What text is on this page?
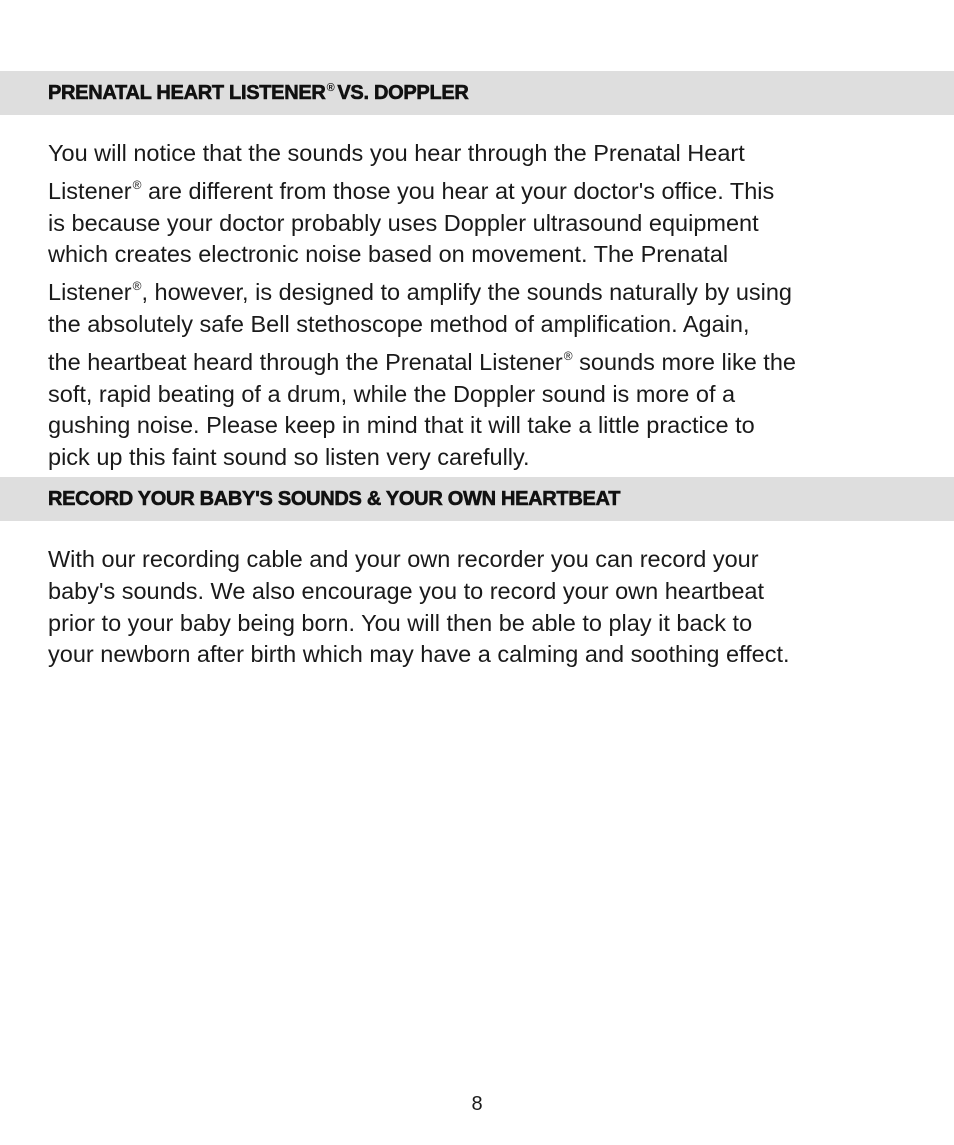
PRENATAL HEART LISTENER® VS. DOPPLER
You will notice that the sounds you hear through the Prenatal Heart
Listener® are different from those you hear at your doctor's office. This
is because your doctor probably uses Doppler ultrasound equipment
which creates electronic noise based on movement. The Prenatal
Listener®, however, is designed to amplify the sounds naturally by using
the absolutely safe Bell stethoscope method of amplification. Again,
the heartbeat heard through the Prenatal Listener® sounds more like the
soft, rapid beating of a drum, while the Doppler sound is more of a
gushing noise. Please keep in mind that it will take a little practice to
pick up this faint sound so listen very carefully.
RECORD YOUR BABY'S SOUNDS & YOUR OWN HEARTBEAT
With our recording cable and your own recorder you can record your
baby's sounds. We also encourage you to record your own heartbeat
prior to your baby being born. You will then be able to play it back to
your newborn after birth which may have a calming and soothing effect.
8
